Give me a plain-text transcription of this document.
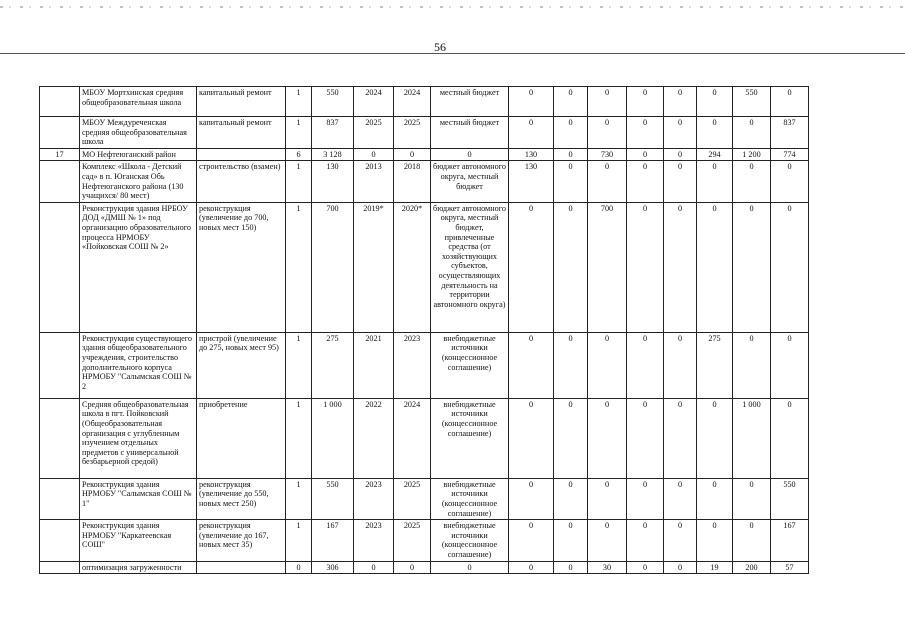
56
	МБОУ Мортхинская средняя общеобразовательная школа	капитальный ремонт	1	550	2024	2024	местный бюджет	0	0	0	0	0	0	550	0
	МБОУ Междуреченская средняя общеобразовательная школа	капитальный ремонт	1	837	2025	2025	местный бюджет	0	0	0	0	0	0	0	837
17	МО Нефтеюганский район		6	3 128	0	0	0	130	0	730	0	0	294	1 200	774
	Комплекс «Школа - Детский сад» в п. Юганская Обь Нефтеюганского района (130 учащихся/ 80 мест)	строительство (взамен)	1	130	2013	2018	бюджет автономного округа, местный бюджет	130	0	0	0	0	0	0	0
	Реконструкция здания НРБОУ ДОД «ДМШ № 1» под организацию образовательного процесса НРМОБУ «Пойковская СОШ № 2»	реконструкция (увеличение до 700, новых мест 150)	1	700	2019*	2020*	бюджет автономного округа, местный бюджет, привлеченные средства (от хозяйствующих субъектов, осуществляющих деятельность на территории автономного округа)	0	0	700	0	0	0	0	0
	Реконструкция существующего здания общеобразовательного учреждения, строительство дополнительного корпуса НРМОБУ "Салымская СОШ № 2	пристрой (увеличение до 275, новых мест 95)	1	275	2021	2023	внебюджетные источники (концессионное соглашение)	0	0	0	0	0	275	0	0
	Средняя общеобразовательная школа в пгт. Пойковский (Общеобразовательная организация с углубленным изучением отдельных предметов с универсальной безбарьерной средой)	приобретение	1	1 000	2022	2024	внебюджетные источники (концессионное соглашение)	0	0	0	0	0	0	1 000	0
	Реконструкция здания НРМОБУ "Салымская СОШ № 1"	реконструкция (увеличение до 550, новых мест 250)	1	550	2023	2025	внебюджетные источники (концессионное соглашение)	0	0	0	0	0	0	0	550
	Реконструкция здания НРМОБУ "Каркатеевская СОШ"	реконструкция (увеличение до 167, новых мест 35)	1	167	2023	2025	внебюджетные источники (концессионное соглашение)	0	0	0	0	0	0	0	167
	оптимизация загруженности		0	306	0	0	0	0	0	30	0	0	19	200	57
